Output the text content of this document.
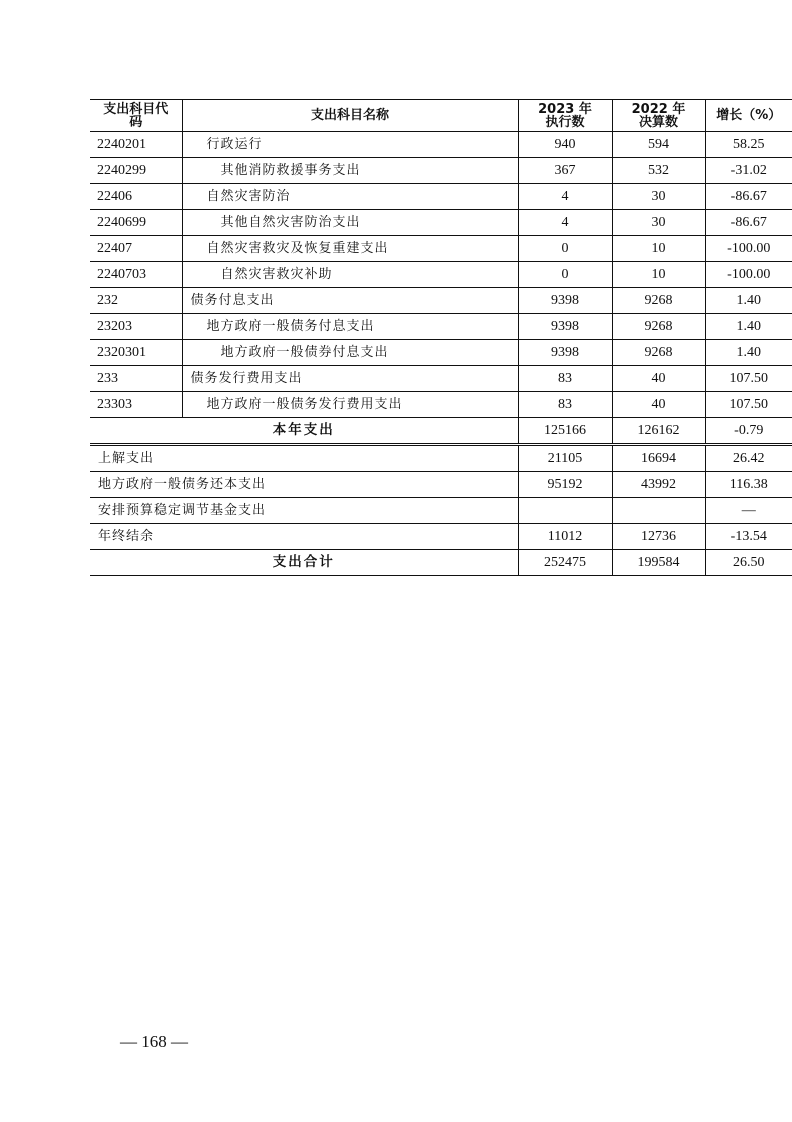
支出科目代码	支出科目名称	2023 年执行数	2022 年决算数	增长（%）
2240201	行政运行	940	594	58.25
2240299	其他消防救援事务支出	367	532	-31.02
22406	自然灾害防治	4	30	-86.67
2240699	其他自然灾害防治支出	4	30	-86.67
22407	自然灾害救灾及恢复重建支出	0	10	-100.00
2240703	自然灾害救灾补助	0	10	-100.00
232	债务付息支出	9398	9268	1.40
23203	地方政府一般债务付息支出	9398	9268	1.40
2320301	地方政府一般债券付息支出	9398	9268	1.40
233	债务发行费用支出	83	40	107.50
23303	地方政府一般债务发行费用支出	83	40	107.50
本年支出		125166	126162	-0.79
上解支出		21105	16694	26.42
地方政府一般债务还本支出		95192	43992	116.38
安排预算稳定调节基金支出				—
年终结余		11012	12736	-13.54
支出合计		252475	199584	26.50
— 168 —
